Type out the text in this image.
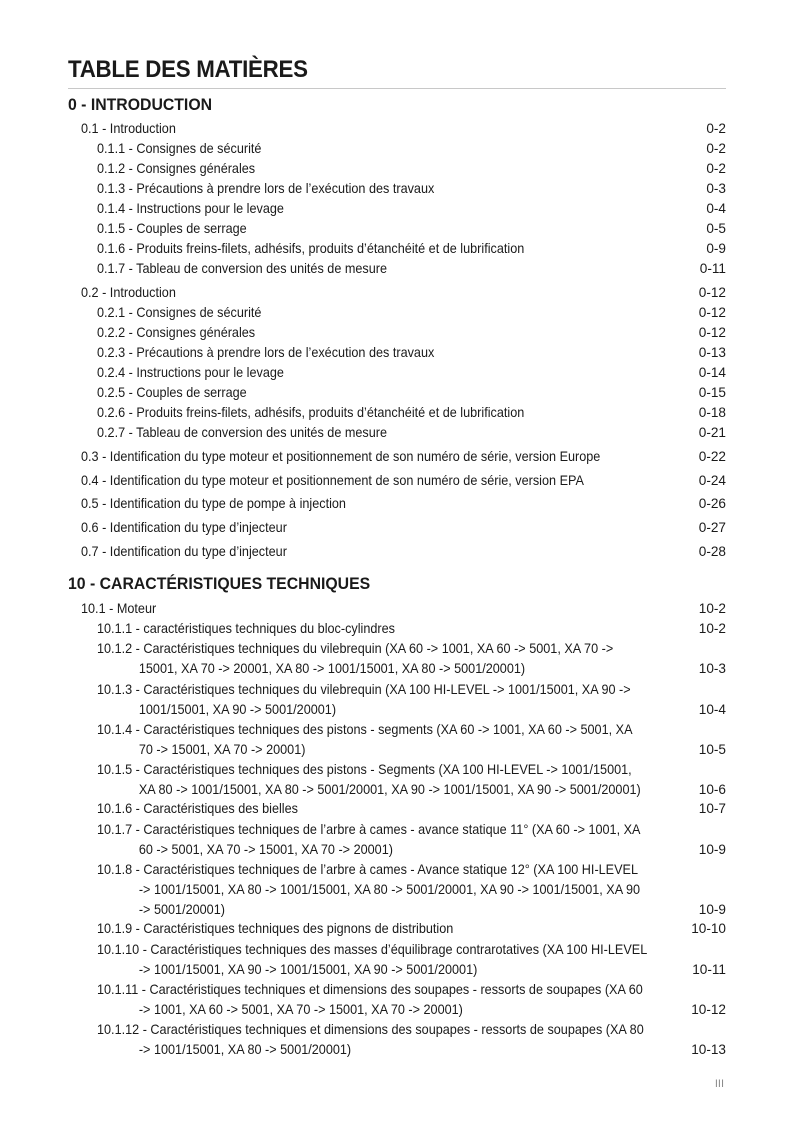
TABLE DES MATIÈRES
0 - INTRODUCTION
0.1 - Introduction	0-2
0.1.1 - Consignes de sécurité	0-2
0.1.2 - Consignes générales	0-2
0.1.3 - Précautions à prendre lors de l’exécution des travaux	0-3
0.1.4 - Instructions pour le levage	0-4
0.1.5 - Couples de serrage	0-5
0.1.6 - Produits freins-filets, adhésifs, produits d’étanchéité et de lubrification	0-9
0.1.7 - Tableau de conversion des unités de mesure	0-11
0.2 - Introduction	0-12
0.2.1 - Consignes de sécurité	0-12
0.2.2 - Consignes générales	0-12
0.2.3 - Précautions à prendre lors de l’exécution des travaux	0-13
0.2.4 - Instructions pour le levage	0-14
0.2.5 - Couples de serrage	0-15
0.2.6 - Produits freins-filets, adhésifs, produits d’étanchéité et de lubrification	0-18
0.2.7 - Tableau de conversion des unités de mesure	0-21
0.3 - Identification du type moteur et positionnement de son numéro de série, version Europe	0-22
0.4 - Identification du type moteur et positionnement de son numéro de série, version EPA	0-24
0.5 - Identification du type de pompe à injection	0-26
0.6 - Identification du type d’injecteur	0-27
0.7 - Identification du type d’injecteur	0-28
10 - CARACTÉRISTIQUES TECHNIQUES
10.1 - Moteur	10-2
10.1.1 - caractéristiques techniques du bloc-cylindres	10-2
10.1.2 - Caractéristiques techniques du vilebrequin (XA 60 -> 1001, XA 60 -> 5001, XA 70 ->
15001, XA 70 -> 20001, XA 80 -> 1001/15001, XA 80 -> 5001/20001)	10-3
10.1.3 - Caractéristiques techniques du vilebrequin (XA 100 HI-LEVEL -> 1001/15001, XA 90 ->
1001/15001, XA 90 -> 5001/20001)	10-4
10.1.4 - Caractéristiques techniques des pistons - segments (XA 60 -> 1001, XA 60 -> 5001, XA
70 -> 15001, XA 70 -> 20001)	10-5
10.1.5 - Caractéristiques techniques des pistons - Segments (XA 100 HI-LEVEL -> 1001/15001,
XA 80 -> 1001/15001, XA 80 -> 5001/20001, XA 90 -> 1001/15001, XA 90 -> 5001/20001)	10-6
10.1.6 - Caractéristiques des bielles	10-7
10.1.7 - Caractéristiques techniques de l’arbre à cames - avance statique 11° (XA 60 -> 1001, XA
60 -> 5001, XA 70 -> 15001, XA 70 -> 20001)	10-9
10.1.8 - Caractéristiques techniques de l’arbre à cames - Avance statique 12° (XA 100 HI-LEVEL
-> 1001/15001, XA 80 -> 1001/15001, XA 80 -> 5001/20001, XA 90 -> 1001/15001, XA 90
-> 5001/20001)	10-9
10.1.9 - Caractéristiques techniques des pignons de distribution	10-10
10.1.10 - Caractéristiques techniques des masses d’équilibrage contrarotatives (XA 100 HI-LEVEL
-> 1001/15001, XA 90 -> 1001/15001, XA 90 -> 5001/20001)	10-11
10.1.11 - Caractéristiques techniques et dimensions des soupapes - ressorts de soupapes (XA 60
-> 1001, XA 60 -> 5001, XA 70 -> 15001, XA 70 -> 20001)	10-12
10.1.12 - Caractéristiques techniques et dimensions des soupapes - ressorts de soupapes (XA 80
-> 1001/15001, XA 80 -> 5001/20001)	10-13
III
